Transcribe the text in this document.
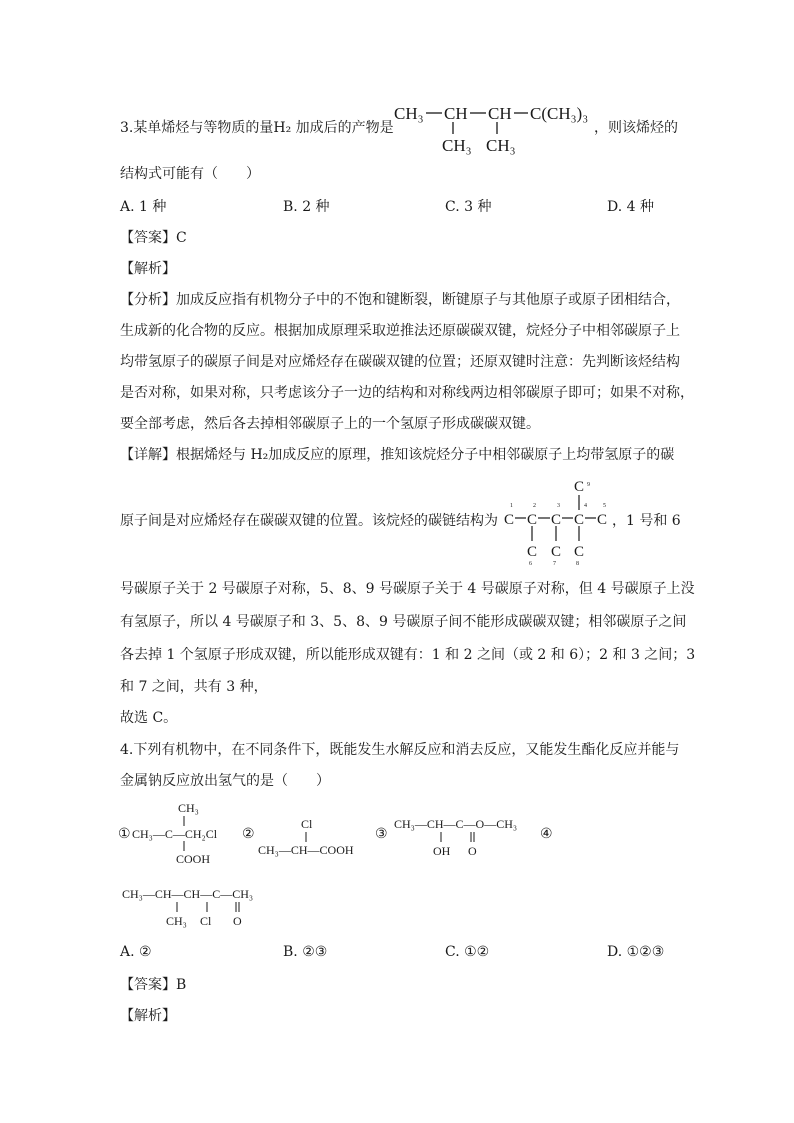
3.某单烯烃与等物质的量H₂ 加成后的产物是
CH₃ CH CH C(CH₃)₃
CH₃ CH₃
，则该烯烃的
结构式可能有（　　）
A. 1 种	B. 2 种	C. 3 种	D. 4 种
【答案】C
【解析】
【分析】加成反应指有机物分子中的不饱和键断裂，断键原子与其他原子或原子团相结合，
生成新的化合物的反应。根据加成原理采取逆推法还原碳碳双键，烷烃分子中相邻碳原子上
均带氢原子的碳原子间是对应烯烃存在碳碳双键的位置；还原双键时注意：先判断该烃结构
是否对称，如果对称，只考虑该分子一边的结构和对称线两边相邻碳原子即可；如果不对称，
要全部考虑，然后各去掉相邻碳原子上的一个氢原子形成碳碳双键。
【详解】根据烯烃与 H₂加成反应的原理，推知该烷烃分子中相邻碳原子上均带氢原子的碳
原子间是对应烯烃存在碳碳双键的位置。该烷烃的碳链结构为 C C C C C
C
C C C
1	2	3	4	5
6	7	8
9
，1 号和 6
号碳原子关于 2 号碳原子对称，5、8、9 号碳原子关于 4 号碳原子对称，但 4 号碳原子上没
有氢原子，所以 4 号碳原子和 3、5、8、9 号碳原子间不能形成碳碳双键；相邻碳原子之间
各去掉 1 个氢原子形成双键，所以能形成双键有：1 和 2 之间（或 2 和 6）；2 和 3 之间；3
和 7 之间，共有 3 种，
故选 C。
4.下列有机物中，在不同条件下，既能发生水解反应和消去反应，又能发生酯化反应并能与
金属钠反应放出氢气的是（　　）
①
CH₃
CH₃—C—CH₂Cl
COOH
②
Cl
CH₃—CH—COOH
③
CH₃—CH—C—O—CH₃
OH O
④
CH₃—CH—CH—C—CH₃
CH₃ Cl O
A. ②	B. ②③	C. ①②	D. ①②③
【答案】B
【解析】
